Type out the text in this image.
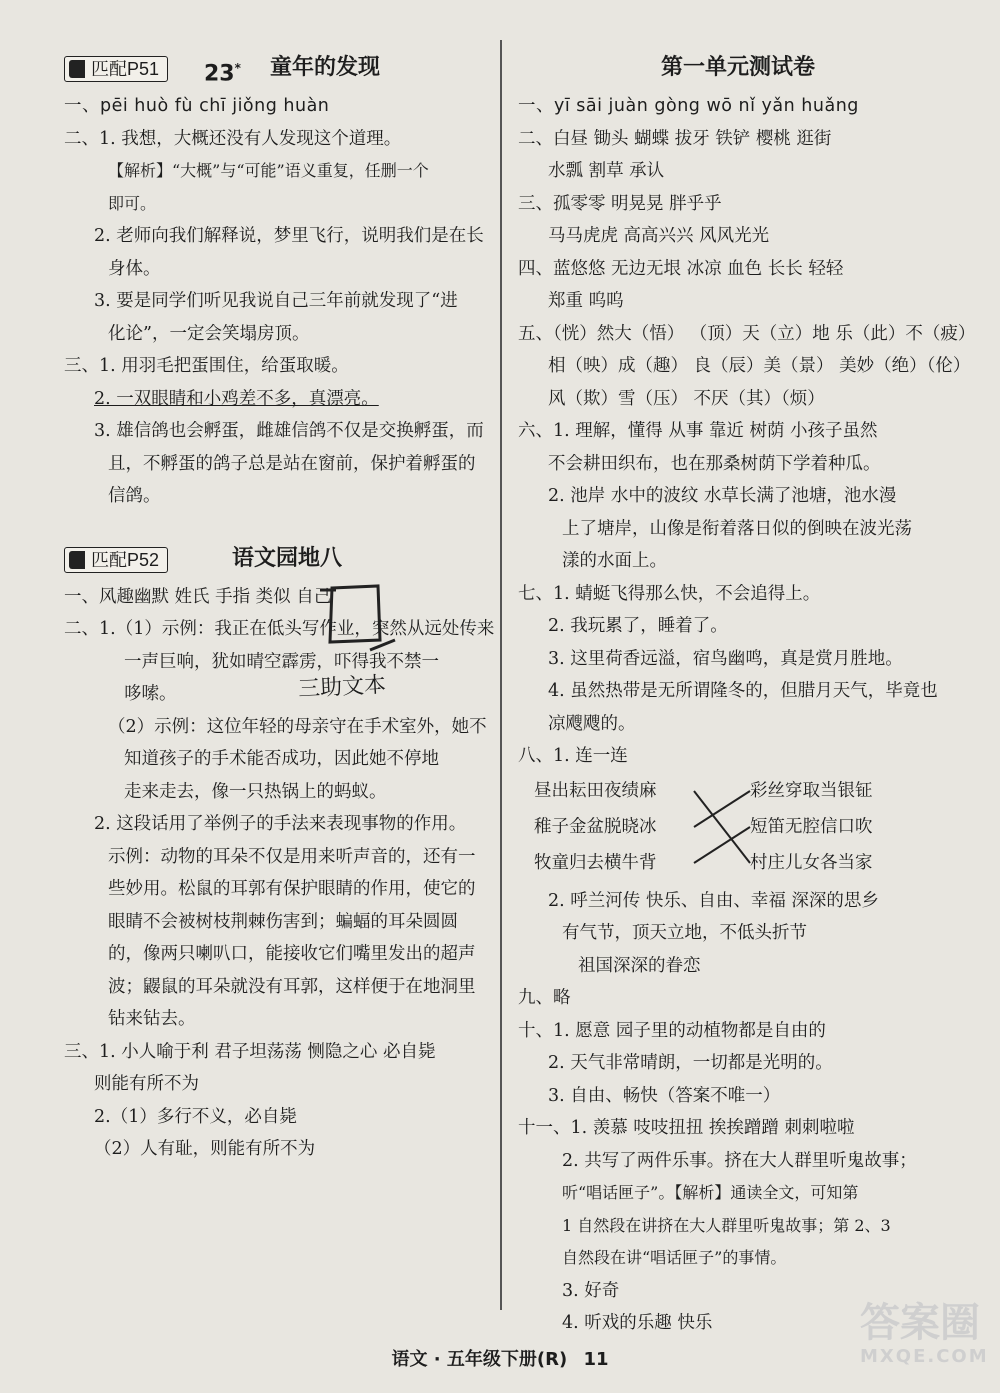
匹配P51	23* 童年的发现
一、pēi huò fù chī jiǒng huàn
二、1. 我想，大概还没有人发现这个道理。
【解析】“大概”与“可能”语义重复，任删一个
即可。
2. 老师向我们解释说，梦里飞行，说明我们是在长
身体。
3. 要是同学们听见我说自己三年前就发现了“进
化论”，一定会笑塌房顶。
三、1. 用羽毛把蛋围住，给蛋取暖。
2. 一双眼睛和小鸡差不多，真漂亮。
3. 雄信鸽也会孵蛋，雌雄信鸽不仅是交换孵蛋，而
且，不孵蛋的鸽子总是站在窗前，保护着孵蛋的
信鸽。
匹配P52	语文园地八
一、风趣幽默 姓氏 手指 类似 自己
二、1.（1）示例：我正在低头写作业，突然从远处传来
一声巨响，犹如晴空霹雳，吓得我不禁一
哆嗦。
（2）示例：这位年轻的母亲守在手术室外，她不
知道孩子的手术能否成功，因此她不停地
走来走去，像一只热锅上的蚂蚁。
2. 这段话用了举例子的手法来表现事物的作用。
示例：动物的耳朵不仅是用来听声音的，还有一
些妙用。松鼠的耳郭有保护眼睛的作用，使它的
眼睛不会被树枝荆棘伤害到；蝙蝠的耳朵圆圆
的，像两只喇叭口，能接收它们嘴里发出的超声
波；鼹鼠的耳朵就没有耳郭，这样便于在地洞里
钻来钻去。
三、1. 小人喻于利 君子坦荡荡 恻隐之心 必自毙
则能有所不为
2.（1）多行不义，必自毙
（2）人有耻，则能有所不为
三助文本
第一单元测试卷
一、yī sāi juàn gòng wō nǐ yǎn huǎng
二、白昼 锄头 蝴蝶 拔牙 铁铲 樱桃 逛街
水瓢 割草 承认
三、孤零零 明晃晃 胖乎乎
马马虎虎 高高兴兴 风风光光
四、蓝悠悠 无边无垠 冰凉 血色 长长 轻轻
郑重 呜呜
五、（恍）然大（悟） （顶）天（立）地 乐（此）不（疲）
相（映）成（趣） 良（辰）美（景） 美妙（绝）（伦）
风（欺）雪（压） 不厌（其）（烦）
六、1. 理解，懂得 从事 靠近 树荫 小孩子虽然
不会耕田织布，也在那桑树荫下学着种瓜。
2. 池岸 水中的波纹 水草长满了池塘，池水漫
上了塘岸，山像是衔着落日似的倒映在波光荡
漾的水面上。
七、1. 蜻蜓飞得那么快，不会追得上。
2. 我玩累了，睡着了。
3. 这里荷香远溢，宿鸟幽鸣，真是赏月胜地。
4. 虽然热带是无所谓隆冬的，但腊月天气，毕竟也
凉飕飕的。
八、1. 连一连
昼出耘田夜绩麻
稚子金盆脱晓冰
牧童归去横牛背
彩丝穿取当银钲
短笛无腔信口吹
村庄儿女各当家
2. 呼兰河传 快乐、自由、幸福 深深的思乡
有气节，顶天立地，不低头折节
祖国深深的眷恋
九、略
十、1. 愿意 园子里的动植物都是自由的
2. 天气非常晴朗，一切都是光明的。
3. 自由、畅快（答案不唯一）
十一、1. 羡慕 吱吱扭扭 挨挨蹭蹭 刺刺啦啦
2. 共写了两件乐事。挤在大人群里听鬼故事；
听“唱话匣子”。【解析】通读全文，可知第
1 自然段在讲挤在大人群里听鬼故事；第 2、3
自然段在讲“唱话匣子”的事情。
3. 好奇
4. 听戏的乐趣 快乐
语文 · 五年级下册(R) 11
答案圈
MXQE.COM
